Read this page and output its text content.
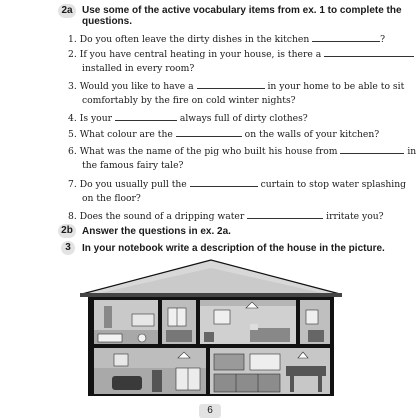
2a Use some of the active vocabulary items from ex. 1 to complete the
questions.
1. Do you often leave the dirty dishes in the kitchen	?
2. If you have central heating in your house, is there a
installed in every room?
3. Would you like to have a	in your home to be able to sit
comfortably by the fire on cold winter nights?
4. Is your	always full of dirty clothes?
5. What colour are the	on the walls of your kitchen?
6. What was the name of the pig who built his house from	in
the famous fairy tale?
7. Do you usually pull the	curtain to stop water splashing
on the floor?
8. Does the sound of a dripping water	irritate you?
2b Answer the questions in ex. 2a.
3	In your notebook write a description of the house in the picture.
6
